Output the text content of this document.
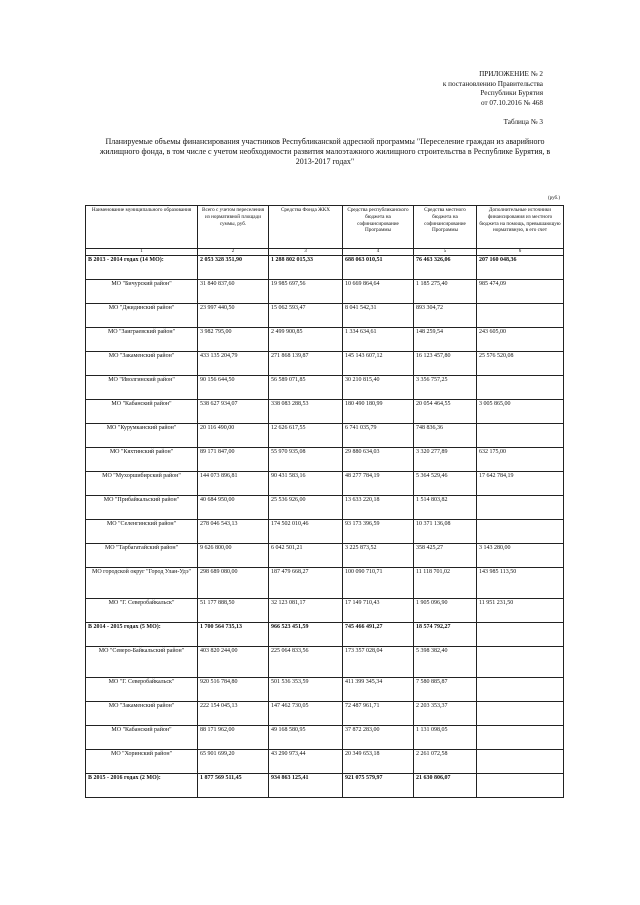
ПРИЛОЖЕНИЕ № 2
к постановлению Правительства
Республики Бурятия
от 07.10.2016 № 468
Таблица № 3
Планируемые объемы финансирования участников Республиканской адресной программы "Переселение граждан из аварийного жилищного фонда, в том числе с учетом необходимости развития малоэтажного жилищного строительства в Республике Бурятия, в 2013-2017 годах"
(руб.)
Наименование муниципального образования	Всего с учетом переселения из нормативной площади суммы, руб.	Средства Фонда ЖКХ	Средства республиканского бюджета на софинансирование Программы	Средства местного бюджета на софинансирование Программы	Дополнительные источники финансирования из местного бюджета на помощь, превышающую нормативную, в его счет
1	2	3	4	5	6
В 2013 - 2014 годах (14 МО):	2 053 328 351,90	1 288 802 015,33	688 063 010,51	76 463 326,06	207 160 048,36
МО "Бичурский район"	31 840 837,60	19 985 697,56	10 669 864,64	1 185 275,40	985 474,09
МО "Джидинский район"	23 997 440,50	15 062 593,47	8 041 542,31	893 304,72	
МО "Заиграевский район"	3 982 795,00	2 499 900,85	1 334 634,61	148 259,54	243 605,00
МО "Закаменский район"	433 135 204,79	271 868 139,87	145 143 607,12	16 123 457,80	25 576 520,08
МО "Иволгинский район"	90 156 644,50	56 589 071,85	30 210 815,40	3 356 757,25	
МО "Кабанский район"	538 627 934,07	338 083 288,53	180 490 180,99	20 054 464,55	3 005 865,00
МО "Курумканский район"	20 116 490,00	12 626 617,55	6 741 035,79	748 836,36	
МО "Кяхтинский район"	89 171 847,00	55 970 935,08	29 880 634,03	3 320 277,89	632 175,00
МО "Мухоршибирский район"	144 073 896,81	90 431 583,16	48 277 784,19	5 364 529,46	17 642 784,19
МО "Прибайкальский район"	40 684 950,00	25 536 926,00	13 633 220,18	1 514 803,82	
МО "Селенгинский район"	278 046 543,13	174 502 010,46	93 173 396,59	10 371 136,08	
МО "Тарбагатайский район"	9 626 800,00	6 042 501,21	3 225 873,52	358 425,27	3 143 280,00
МО городской округ "Город Улан-Удэ"	298 689 080,00	187 479 668,27	100 090 710,71	11 118 701,02	143 985 113,50
МО "Г. Северобайкальск"	51 177 888,50	32 123 081,17	17 149 710,43	1 905 096,90	11 951 231,50
В 2014 - 2015 годах (5 МО):	1 700 564 735,13	966 523 451,59	745 466 491,27	18 574 792,27	
МО "Северо-Байкальский район"	403 820 244,00	225 064 833,56	173 357 028,04	5 398 382,40	
МО "Г. Северобайкальск"	920 516 784,80	501 536 353,59	411 399 345,34	7 580 885,87	
МО "Закаменский район"	222 154 045,13	147 462 730,05	72 487 961,71	2 203 353,37	
МО "Кабанский район"	88 171 962,00	49 168 580,95	37 872 283,00	1 131 098,05	
МО "Хоринский район"	65 901 699,20	43 290 973,44	20 349 653,18	2 261 072,58	
В 2015 - 2016 годах (2 МО):	1 877 569 511,45	934 863 125,41	921 075 579,97	21 630 806,07	
